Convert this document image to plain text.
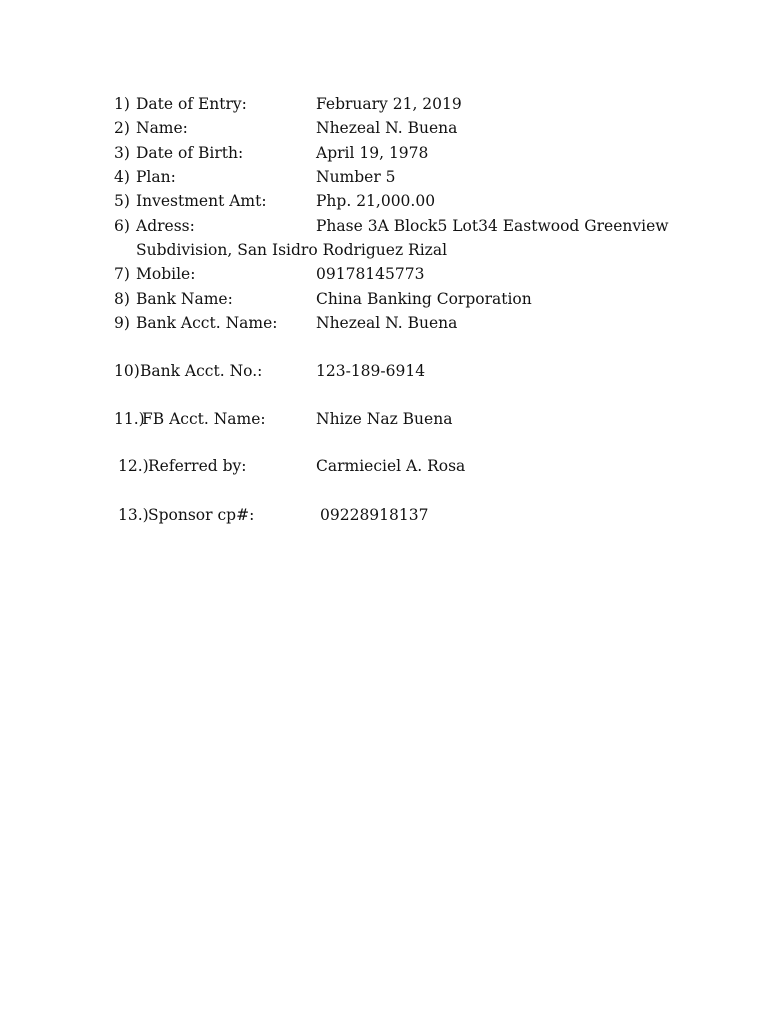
1) Date of Entry:	February 21, 2019
2) Name:	Nhezeal N. Buena
3) Date of Birth:	April 19, 1978
4) Plan:	Number 5
5) Investment Amt:	Php. 21,000.00
6) Adress:	Phase 3A Block5 Lot34 Eastwood Greenview
Subdivision, San Isidro Rodriguez Rizal
7) Mobile:	09178145773
8) Bank Name:	China Banking Corporation
9) Bank Acct. Name: Nhezeal N. Buena
10) Bank Acct. No.:	123-189-6914
11.)
FB Acct. Name:	Nhize Naz Buena
12.) Referred by:	Carmieciel A. Rosa
13.) Sponsor cp#:	09228918137
